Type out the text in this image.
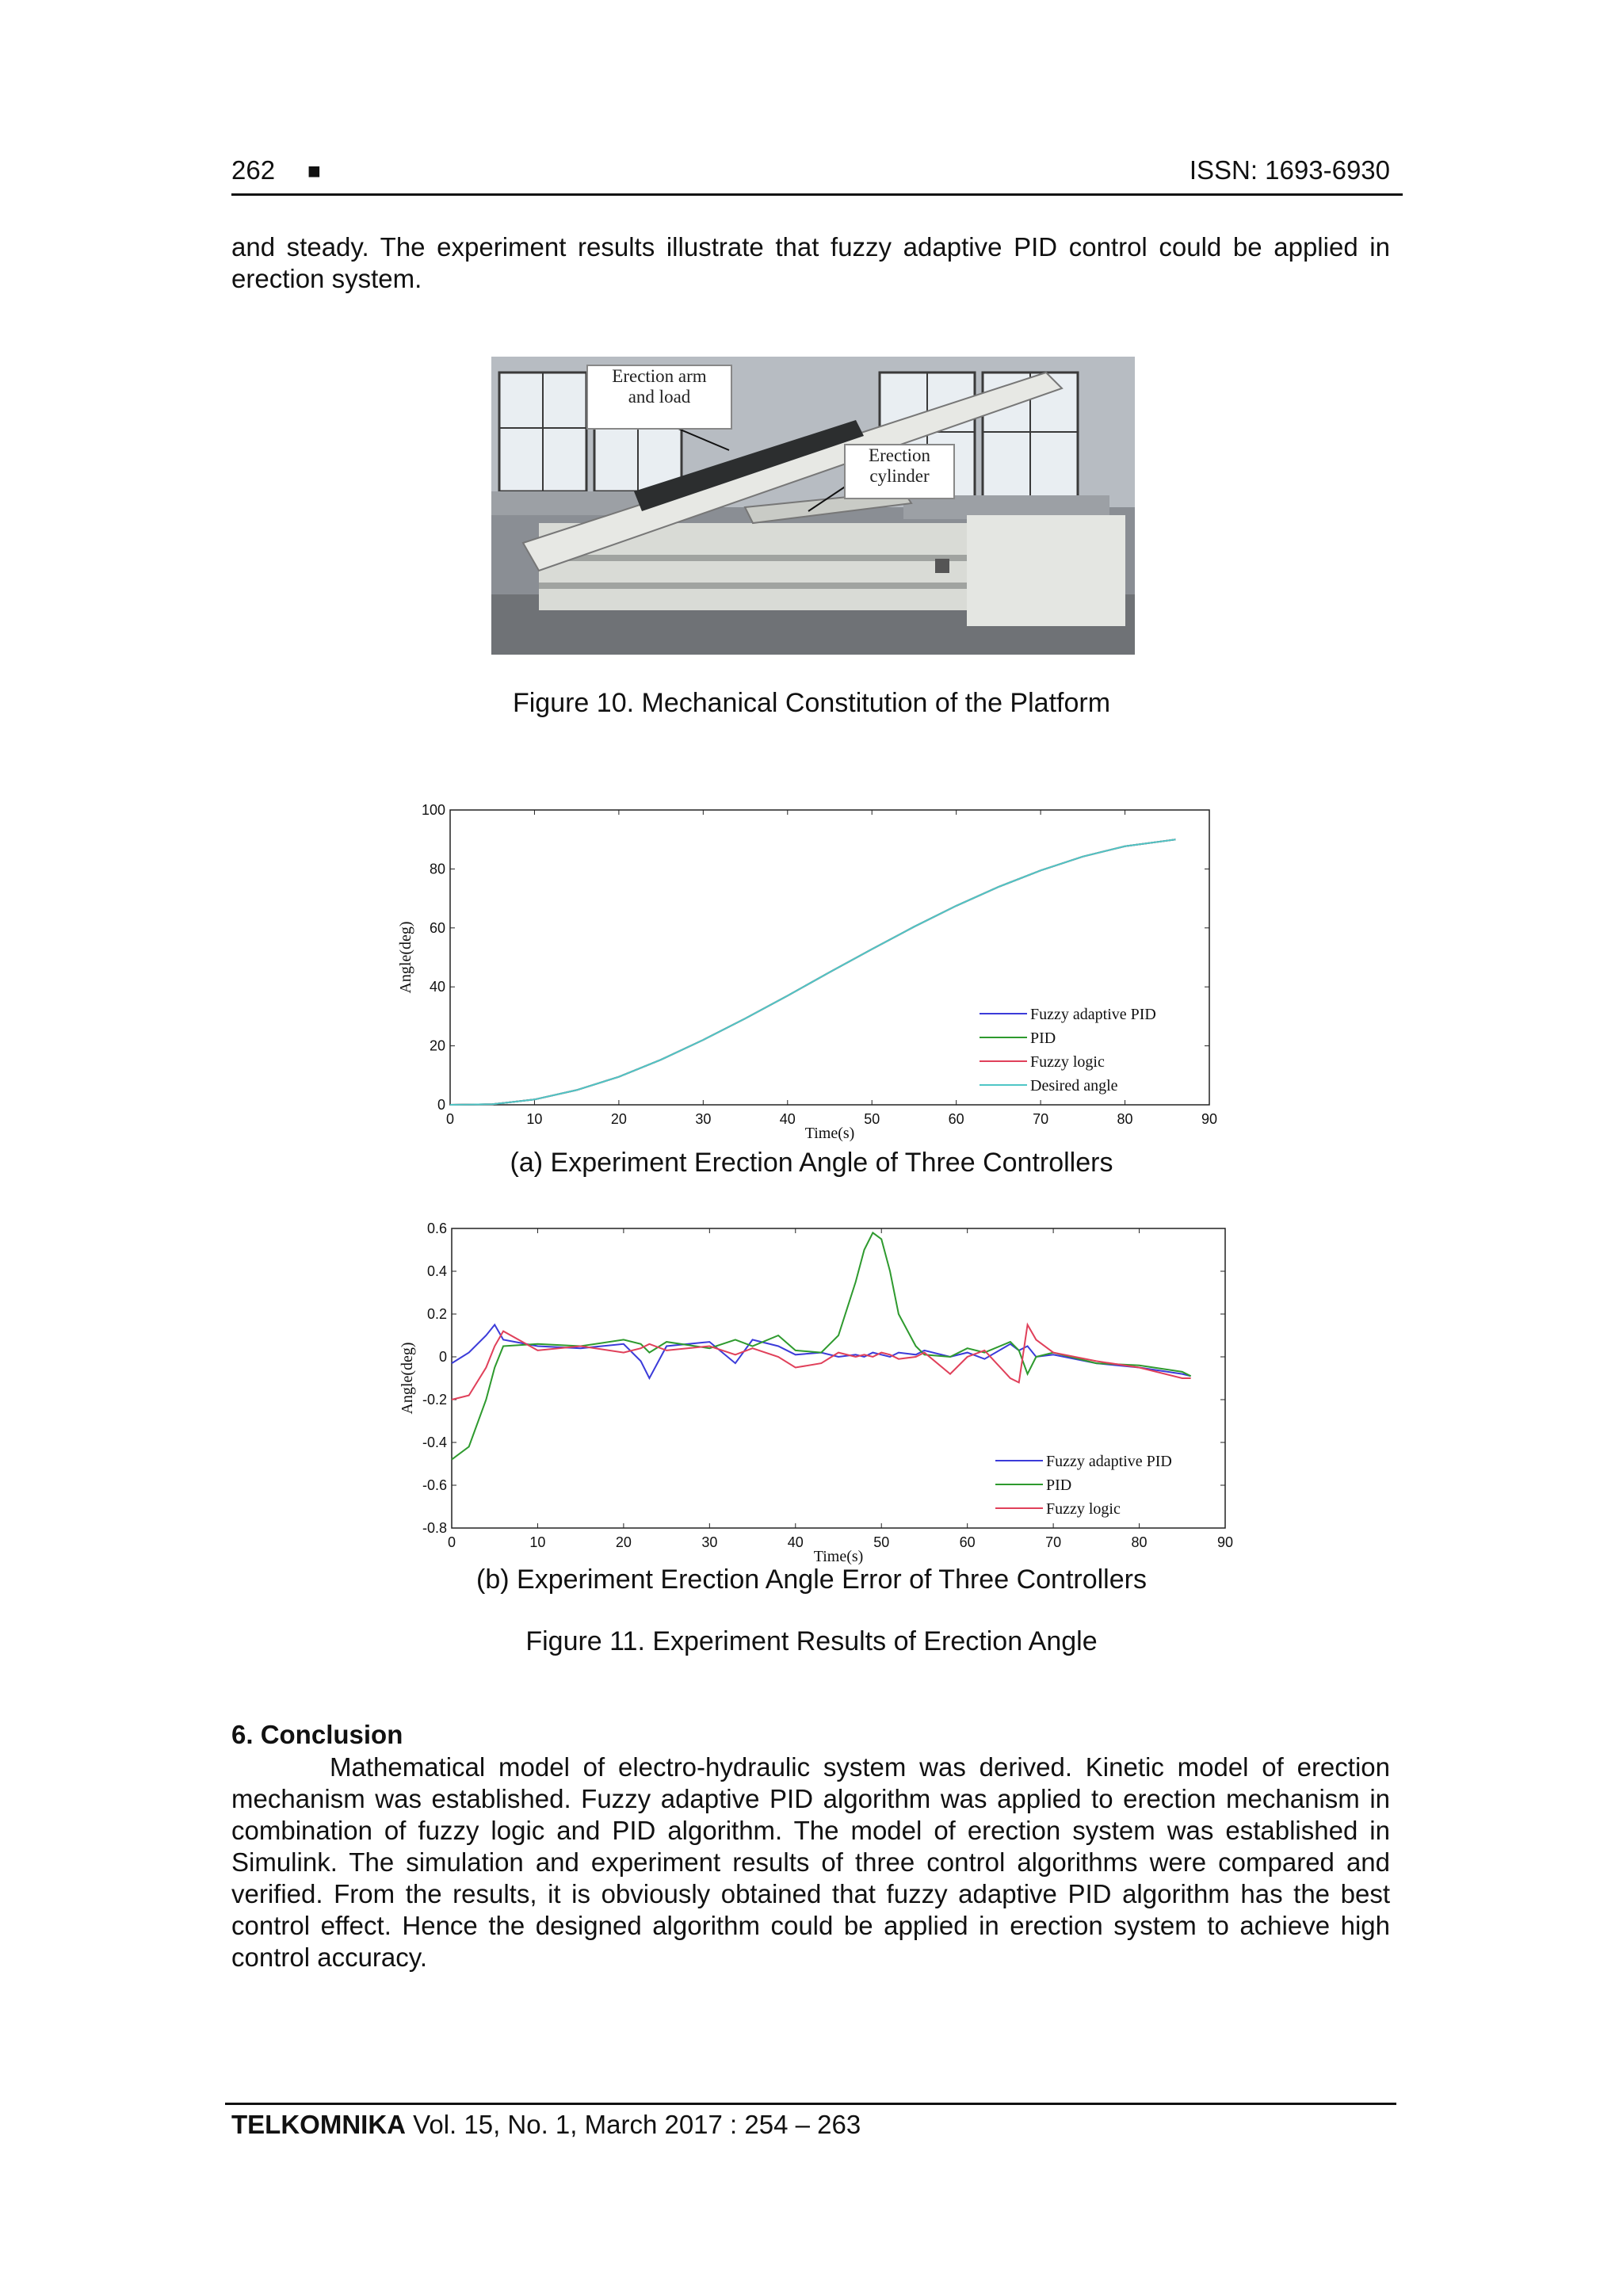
262 ■	ISSN: 1693-6930
and steady. The experiment results illustrate that fuzzy adaptive PID control could be applied in erection system.
Erection arm
and load
Erection
cylinder
Figure 10. Mechanical Constitution of the Platform
0	10	20	30	40	50	60	70	80	90
0
20
40
60
80
100
Time(s)
Angle(deg)
Fuzzy adaptive PID
PID
Fuzzy logic
Desired angle
(a) Experiment Erection Angle of Three Controllers
0	10	20	30	40	50	60	70	80	90
-0.8
-0.6
-0.4
-0.2
0
0.2
0.4
0.6
Time(s)
Angle(deg)
Fuzzy adaptive PID
PID
Fuzzy logic
(b) Experiment Erection Angle Error of Three Controllers
Figure 11. Experiment Results of Erection Angle
6. Conclusion
Mathematical model of electro-hydraulic system was derived. Kinetic model of erection mechanism was established. Fuzzy adaptive PID algorithm was applied to erection mechanism in combination of fuzzy logic and PID algorithm. The model of erection system was established in Simulink. The simulation and experiment results of three control algorithms were compared and verified. From the results, it is obviously obtained that fuzzy adaptive PID algorithm has the best control effect. Hence the designed algorithm could be applied in erection system to achieve high control accuracy.
TELKOMNIKA Vol. 15, No. 1, March 2017 : 254 – 263
